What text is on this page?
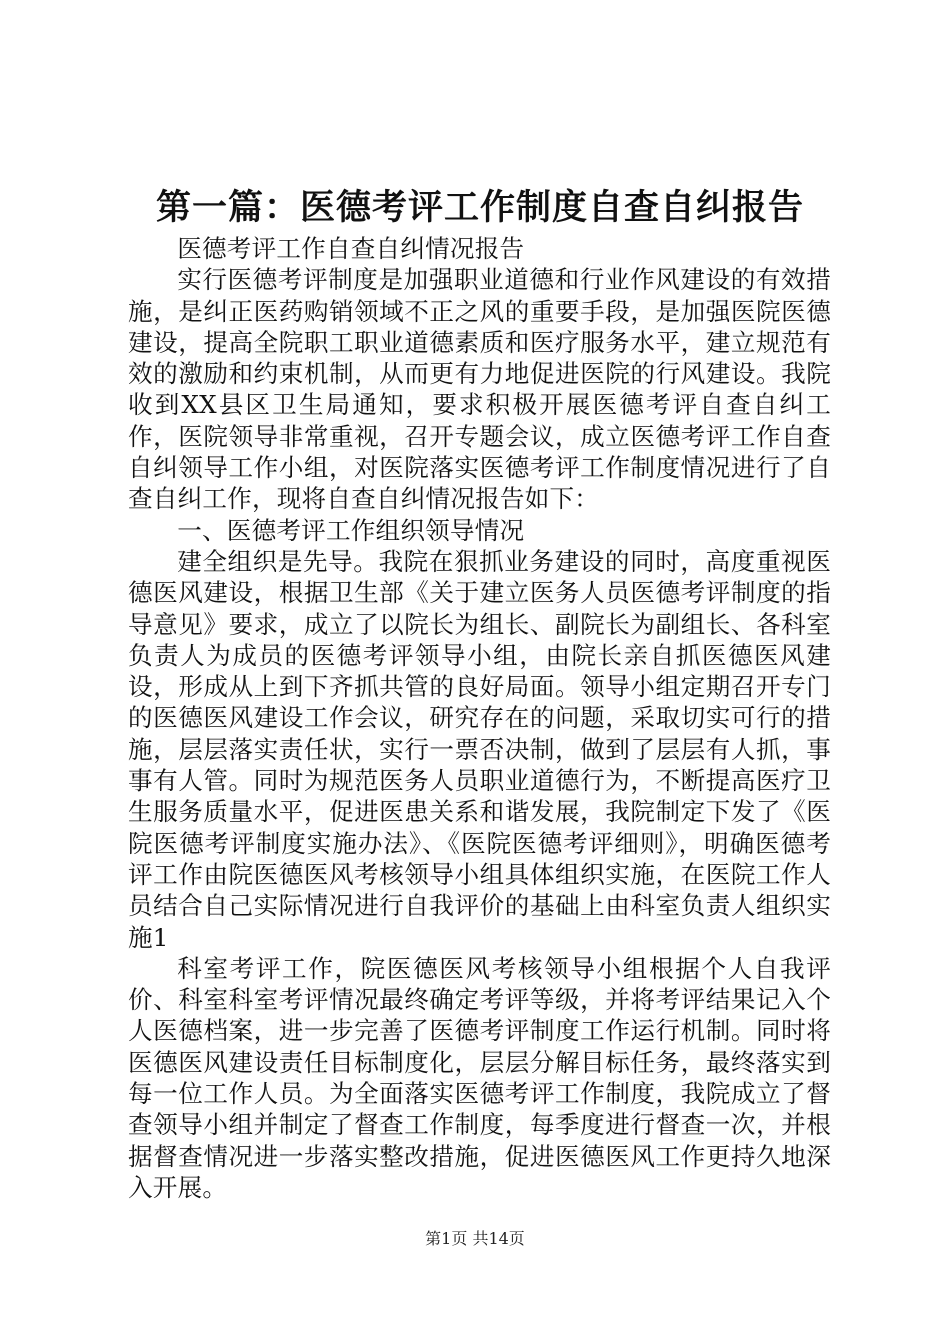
第一篇：医德考评工作制度自查自纠报告

医德考评工作自查自纠情况报告

实行医德考评制度是加强职业道德和行业作风建设的有效措施，是纠正医药购销领域不正之风的重要手段，是加强医院医德建设，提高全院职工职业道德素质和医疗服务水平，建立规范有效的激励和约束机制，从而更有力地促进医院的行风建设。我院收到XX县区卫生局通知，要求积极开展医德考评自查自纠工作，医院领导非常重视，召开专题会议，成立医德考评工作自查自纠领导工作小组，对医院落实医德考评工作制度情况进行了自查自纠工作，现将自查自纠情况报告如下：

一、医德考评工作组织领导情况

建全组织是先导。我院在狠抓业务建设的同时，高度重视医德医风建设，根据卫生部《关于建立医务人员医德考评制度的指导意见》要求，成立了以院长为组长、副院长为副组长、各科室负责人为成员的医德考评领导小组，由院长亲自抓医德医风建设，形成从上到下齐抓共管的良好局面。领导小组定期召开专门的医德医风建设工作会议，研究存在的问题，采取切实可行的措施，层层落实责任状，实行一票否决制，做到了层层有人抓，事事有人管。同时为规范医务人员职业道德行为，不断提高医疗卫生服务质量水平，促进医患关系和谐发展，我院制定下发了《医院医德考评制度实施办法》、《医院医德考评细则》，明确医德考评工作由院医德医风考核领导小组具体组织实施，在医院工作人员结合自己实际情况进行自我评价的基础上由科室负责人组织实施1

科室考评工作，院医德医风考核领导小组根据个人自我评价、科室科室考评情况最终确定考评等级，并将考评结果记入个人医德档案，进一步完善了医德考评制度工作运行机制。同时将医德医风建设责任目标制度化，层层分解目标任务，最终落实到每一位工作人员。为全面落实医德考评工作制度，我院成立了督查领导小组并制定了督查工作制度，每季度进行督查一次，并根据督查情况进一步落实整改措施，促进医德医风工作更持久地深入开展。

第1页 共14页
